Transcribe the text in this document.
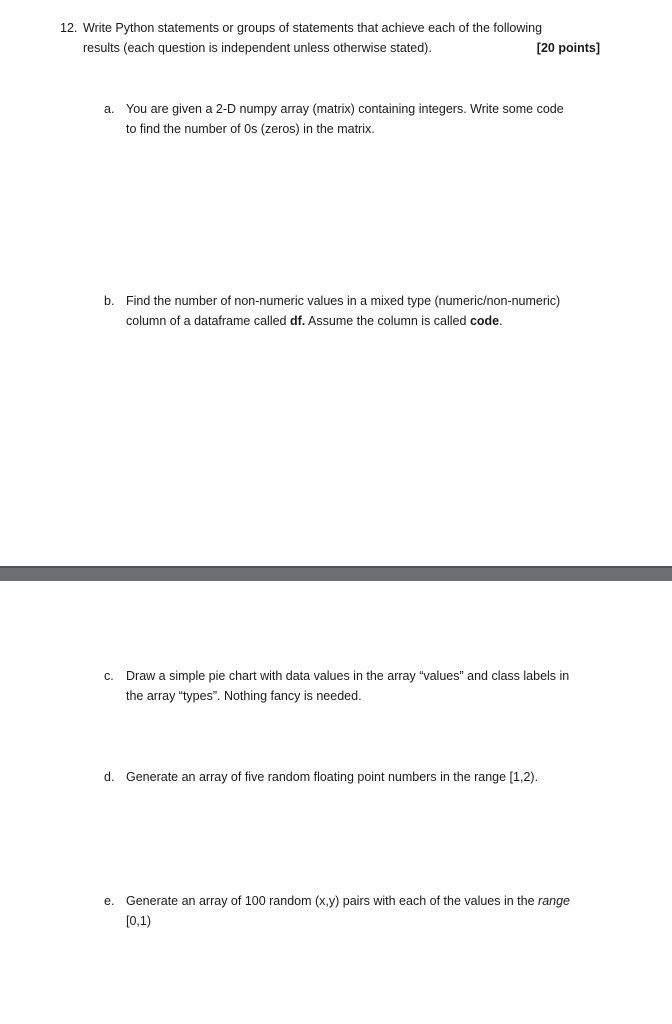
12. Write Python statements or groups of statements that achieve each of the following
results (each question is independent unless otherwise stated).	[20 points]
a. You are given a 2-D numpy array (matrix) containing integers. Write some code
to find the number of 0s (zeros) in the matrix.
b. Find the number of non-numeric values in a mixed type (numeric/non-numeric)
column of a dataframe called df. Assume the column is called code.
c. Draw a simple pie chart with data values in the array “values” and class labels in
the array “types”. Nothing fancy is needed.
d. Generate an array of five random floating point numbers in the range [1,2).
e. Generate an array of 100 random (x,y) pairs with each of the values in the range
[0,1)
